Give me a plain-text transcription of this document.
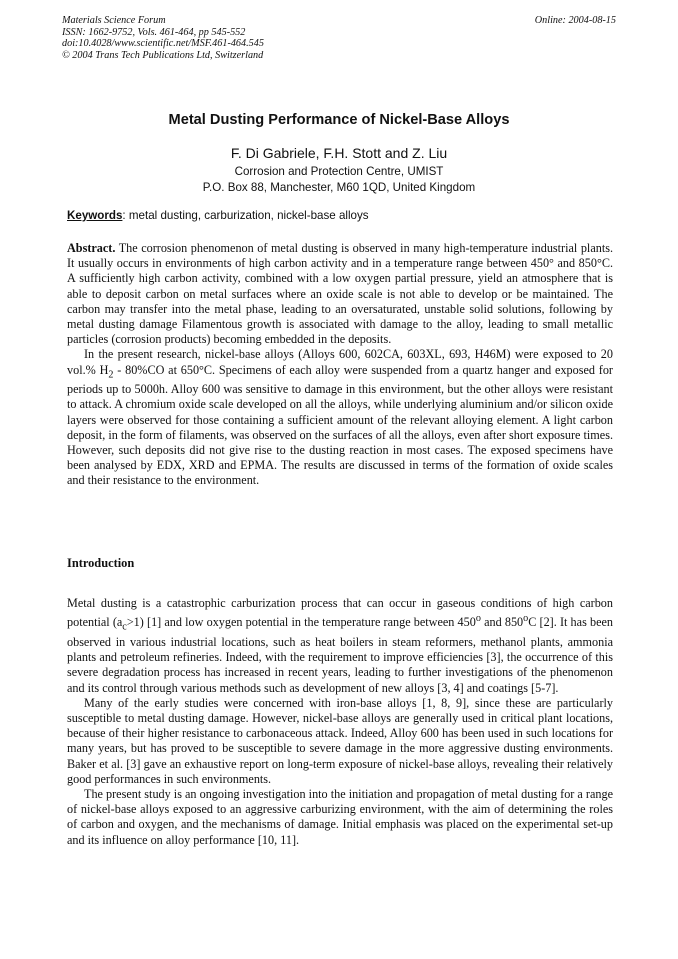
Materials Science Forum
ISSN: 1662-9752, Vols. 461-464, pp 545-552
doi:10.4028/www.scientific.net/MSF.461-464.545
© 2004 Trans Tech Publications Ltd, Switzerland
Online: 2004-08-15
Metal Dusting Performance of Nickel-Base Alloys
F. Di Gabriele, F.H. Stott and Z. Liu
Corrosion and Protection Centre, UMIST
P.O. Box 88, Manchester, M60 1QD, United Kingdom
Keywords: metal dusting, carburization, nickel-base alloys

Abstract. The corrosion phenomenon of metal dusting is observed in many high-temperature industrial plants. It usually occurs in environments of high carbon activity and in a temperature range between 450° and 850°C. A sufficiently high carbon activity, combined with a low oxygen partial pressure, yield an atmosphere that is able to deposit carbon on metal surfaces where an oxide scale is not able to develop or be maintained. The carbon may transfer into the metal phase, leading to an oversaturated, unstable solid solutions, following by metal dusting damage Filamentous growth is associated with damage to the alloy, leading to small metallic particles (corrosion products) becoming embedded in the deposits.

In the present research, nickel-base alloys (Alloys 600, 602CA, 603XL, 693, H46M) were exposed to 20 vol.% $H_2 - 80\%CO$ at 650°C. Specimens of each alloy were suspended from a quartz hanger and exposed for periods up to 5000h. Alloy 600 was sensitive to damage in this environment, but the other alloys were resistant to attack. A chromium oxide scale developed on all the alloys, while underlying aluminium and/or silicon oxide layers were observed for those containing a sufficient amount of the relevant alloying element. A light carbon deposit, in the form of filaments, was observed on the surfaces of all the alloys, even after short exposure times. However, such deposits did not give rise to the dusting reaction in most cases. The exposed specimens have been analysed by EDX, XRD and EPMA. The results are discussed in terms of the formation of oxide scales and their resistance to the environment.

Introduction

Metal dusting is a catastrophic carburization process that can occur in gaseous conditions of high carbon potential $(a_c>1)$ [1] and low oxygen potential in the temperature range between 450$^o$ and 850$^o$C [2]. It has been observed in various industrial locations, such as heat boilers in steam reformers, methanol plants, ammonia plants and petroleum refineries. Indeed, with the requirement to improve efficiencies [3], the occurrence of this severe degradation process has increased in recent years, leading to further investigations of the phenomenon and its control through various methods such as development of new alloys [3, 4] and coatings [5-7].

Many of the early studies were concerned with iron-base alloys [1, 8, 9], since these are particularly susceptible to metal dusting damage. However, nickel-base alloys are generally used in critical plant locations, because of their higher resistance to carbonaceous attack. Indeed, Alloy 600 has been used in such locations for many years, but has proved to be susceptible to severe damage in the more aggressive dusting environments. Baker et al. [3] gave an exhaustive report on long-term exposure of nickel-base alloys, revealing their relatively good performances in such environments.

The present study is an ongoing investigation into the initiation and propagation of metal dusting for a range of nickel-base alloys exposed to an aggressive carburizing environment, with the aim of determining the roles of carbon and oxygen, and the mechanisms of damage. Initial emphasis was placed on the experimental set-up and its influence on alloy performance [10, 11].
